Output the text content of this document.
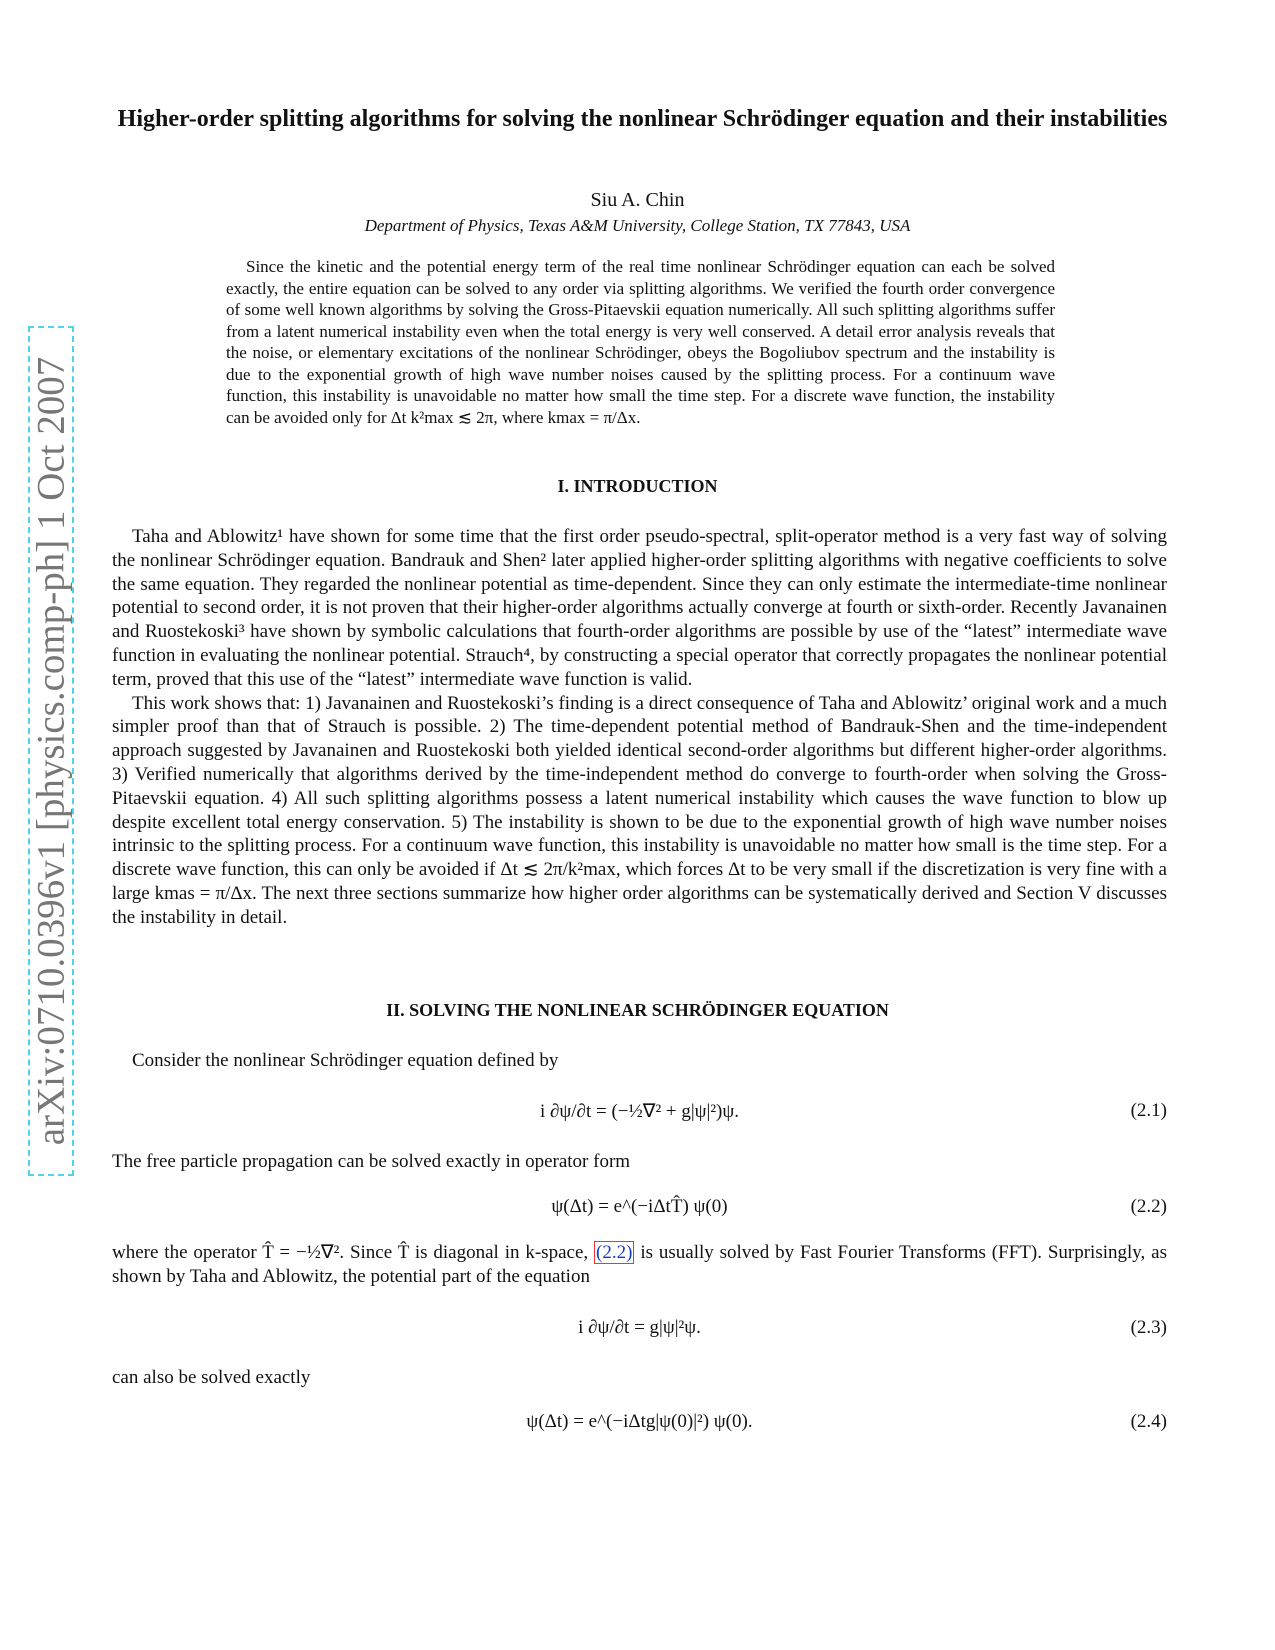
arXiv:0710.0396v1 [physics.comp-ph] 1 Oct 2007
Higher-order splitting algorithms for solving the nonlinear Schrödinger equation and their instabilities
Siu A. Chin
Department of Physics, Texas A&M University, College Station, TX 77843, USA
Since the kinetic and the potential energy term of the real time nonlinear Schrödinger equation can each be solved exactly, the entire equation can be solved to any order via splitting algorithms. We verified the fourth order convergence of some well known algorithms by solving the Gross-Pitaevskii equation numerically. All such splitting algorithms suffer from a latent numerical instability even when the total energy is very well conserved. A detail error analysis reveals that the noise, or elementary excitations of the nonlinear Schrödinger, obeys the Bogoliubov spectrum and the instability is due to the exponential growth of high wave number noises caused by the splitting process. For a continuum wave function, this instability is unavoidable no matter how small the time step. For a discrete wave function, the instability can be avoided only for Δt k²max ≲ 2π, where kmax = π/Δx.
I. INTRODUCTION

Taha and Ablowitz¹ have shown for some time that the first order pseudo-spectral, split-operator method is a very fast way of solving the nonlinear Schrödinger equation. Bandrauk and Shen² later applied higher-order splitting algorithms with negative coefficients to solve the same equation. They regarded the nonlinear potential as time-dependent. Since they can only estimate the intermediate-time nonlinear potential to second order, it is not proven that their higher-order algorithms actually converge at fourth or sixth-order. Recently Javanainen and Ruostekoski³ have shown by symbolic calculations that fourth-order algorithms are possible by use of the “latest” intermediate wave function in evaluating the nonlinear potential. Strauch⁴, by constructing a special operator that correctly propagates the nonlinear potential term, proved that this use of the “latest” intermediate wave function is valid.

This work shows that: 1) Javanainen and Ruostekoski’s finding is a direct consequence of Taha and Ablowitz’ original work and a much simpler proof than that of Strauch is possible. 2) The time-dependent potential method of Bandrauk-Shen and the time-independent approach suggested by Javanainen and Ruostekoski both yielded identical second-order algorithms but different higher-order algorithms. 3) Verified numerically that algorithms derived by the time-independent method do converge to fourth-order when solving the Gross-Pitaevskii equation. 4) All such splitting algorithms possess a latent numerical instability which causes the wave function to blow up despite excellent total energy conservation. 5) The instability is shown to be due to the exponential growth of high wave number noises intrinsic to the splitting process. For a continuum wave function, this instability is unavoidable no matter how small is the time step. For a discrete wave function, this can only be avoided if Δt ≲ 2π/k²max, which forces Δt to be very small if the discretization is very fine with a large kmas = π/Δx. The next three sections summarize how higher order algorithms can be systematically derived and Section V discusses the instability in detail.

II. SOLVING THE NONLINEAR SCHRÖDINGER EQUATION

Consider the nonlinear Schrödinger equation defined by

i ∂ψ/∂t = (−½∇² + g|ψ|²)ψ.	(2.1)

The free particle propagation can be solved exactly in operator form

ψ(Δt) = e^(−iΔtT̂) ψ(0)	(2.2)

where the operator T̂ = −½∇². Since T̂ is diagonal in k-space, (2.2) is usually solved by Fast Fourier Transforms (FFT). Surprisingly, as shown by Taha and Ablowitz, the potential part of the equation

i ∂ψ/∂t = g|ψ|²ψ.	(2.3)

can also be solved exactly

ψ(Δt) = e^(−iΔtg|ψ(0)|²) ψ(0).	(2.4)
